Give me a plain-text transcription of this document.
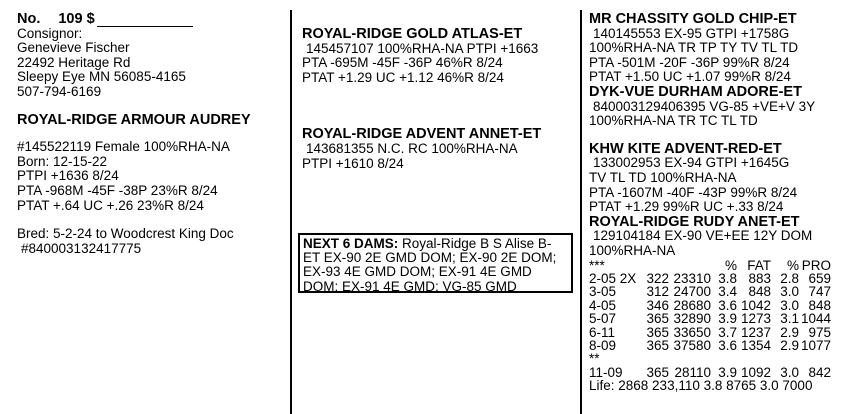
No. 109 $
Consignor:
Genevieve Fischer
22492 Heritage Rd
Sleepy Eye MN 56085-4165
507-794-6169
ROYAL-RIDGE ARMOUR AUDREY
#145522119 Female 100%RHA-NA
Born: 12-15-22
PTPI +1636 8/24
PTA -968M -45F -38P 23%R 8/24
PTAT +.64 UC +.26 23%R 8/24
Bred: 5-2-24 to Woodcrest King Doc
#840003132417775
ROYAL-RIDGE GOLD ATLAS-ET
145457107 100%RHA-NA PTPI +1663
PTA -695M -45F -36P 46%R 8/24
PTAT +1.29 UC +1.12 46%R 8/24
ROYAL-RIDGE ADVENT ANNET-ET
143681355 N.C. RC 100%RHA-NA
PTPI +1610 8/24
NEXT 6 DAMS: Royal-Ridge B S Alise B-
ET EX-90 2E GMD DOM; EX-90 2E DOM;
EX-93 4E GMD DOM; EX-91 4E GMD
DOM; EX-91 4E GMD; VG-85 GMD
MR CHASSITY GOLD CHIP-ET
140145553 EX-95 GTPI +1758G
100%RHA-NA TR TP TY TV TL TD
PTA -501M -20F -36P 99%R 8/24
PTAT +1.50 UC +1.07 99%R 8/24
DYK-VUE DURHAM ADORE-ET
840003129406395 VG-85 +VE+V 3Y
100%RHA-NA TR TC TL TD
KHW KITE ADVENT-RED-ET
133002953 EX-94 GTPI +1645G
TV TL TD 100%RHA-NA
PTA -1607M -40F -43P 99%R 8/24
PTAT +1.29 99%R UC +.33 8/24
ROYAL-RIDGE RUDY ANET-ET
129104184 EX-90 VE+EE 12Y DOM
100%RHA-NA
***			%	FAT	%	PRO
2-05 2X	322	23310	3.8	883	2.8	659
3-05	312	24700	3.4	848	3.0	747
4-05	346	28680	3.6	1042	3.0	848
5-07	365	32890	3.9	1273	3.1	1044
6-11	365	33650	3.7	1237	2.9	975
8-09	365	37580	3.6	1354	2.9	1077
**						
11-09	365	28110	3.9	1092	3.0	842
Life: 2868 233,110 3.8 8765 3.0 7000						
